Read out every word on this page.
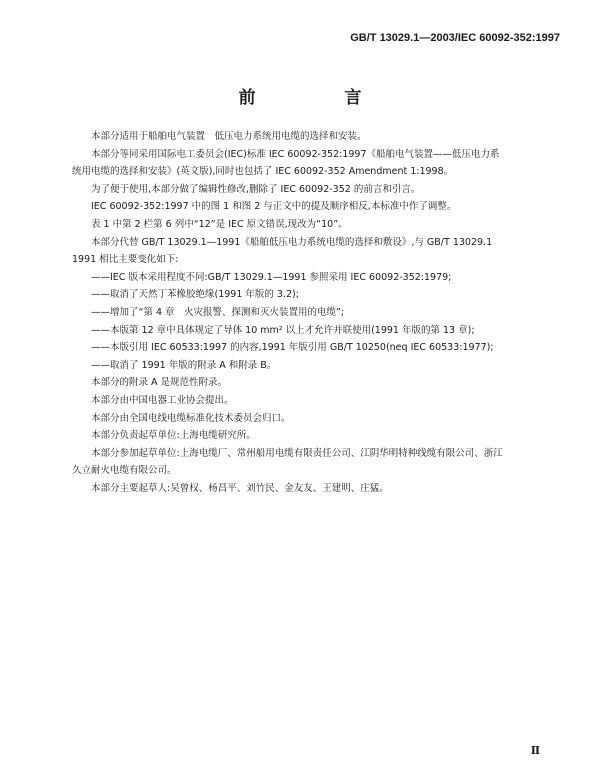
GB/T 13029.1—2003/IEC 60092-352:1997
前　言

本部分适用于船舶电气装置　低压电力系统用电缆的选择和安装。

本部分等同采用国际电工委员会(IEC)标准 IEC 60092-352:1997《船舶电气装置——低压电力系

统用电缆的选择和安装》(英文版),同时也包括了 IEC 60092-352 Amendment 1:1998。

为了便于使用,本部分做了编辑性修改,删除了 IEC 60092-352 的前言和引言。

IEC 60092-352:1997 中的图 1 和图 2 与正文中的提及顺序相反,本标准中作了调整。

表 1 中第 2 栏第 6 列中“12”是 IEC 原文错误,现改为“10”。

本部分代替 GB/T 13029.1—1991《船舶低压电力系统电缆的选择和敷设》,与 GB/T 13029.1

1991 相比主要变化如下:

——IEC 版本采用程度不同:GB/T 13029.1—1991 参照采用 IEC 60092-352:1979;

——取消了天然丁苯橡胶绝缘(1991 年版的 3.2);

——增加了“第 4 章　火灾报警、探测和灭火装置用的电缆”;

——本版第 12 章中具体规定了导体 10 mm² 以上才允许并联使用(1991 年版的第 13 章);

——本版引用 IEC 60533:1997 的内容,1991 年版引用 GB/T 10250(neq IEC 60533:1977);

——取消了 1991 年版的附录 A 和附录 B。

本部分的附录 A 是规范性附录。

本部分由中国电器工业协会提出。

本部分由全国电线电缆标准化技术委员会归口。

本部分负责起草单位:上海电缆研究所。

本部分参加起草单位:上海电缆厂、常州船用电缆有限责任公司、江阴华明特种线缆有限公司、浙江

久立耐火电缆有限公司。

本部分主要起草人:吴曾权、杨昌平、刘竹民、金友友、王建明、庄猛。

Ⅱ
